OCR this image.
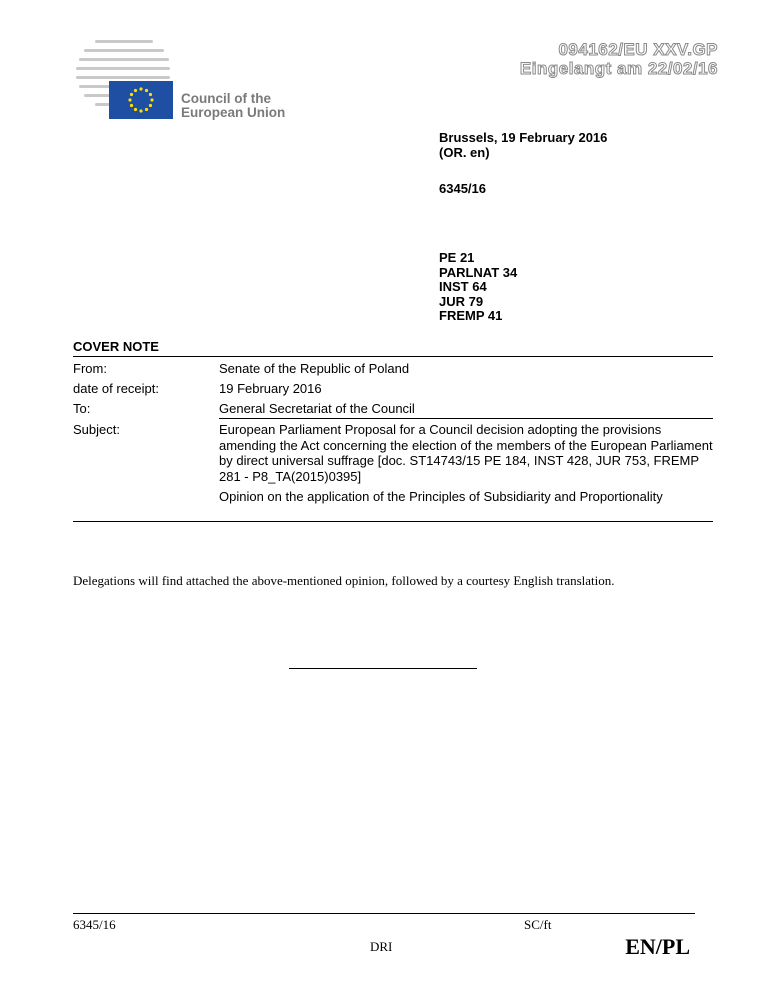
094162/EU XXV.GP
Eingelangt am 22/02/16
Council of the
European Union
Brussels, 19 February 2016
(OR. en)
6345/16
PE 21
PARLNAT 34
INST 64
JUR 79
FREMP 41
COVER NOTE
From:	Senate of the Republic of Poland
date of receipt:	19 February 2016
To:	General Secretariat of the Council
Subject:	European Parliament Proposal for a Council decision adopting the provisions amending the Act concerning the election of the members of the European Parliament by direct universal suffrage [doc. ST14743/15 PE 184, INST 428, JUR 753, FREMP 281 - P8_TA(2015)0395]
Opinion on the application of the Principles of Subsidiarity and Proportionality
Delegations will find attached the above-mentioned opinion, followed by a courtesy English translation.
6345/16	SC/ft
DRI	EN/PL
